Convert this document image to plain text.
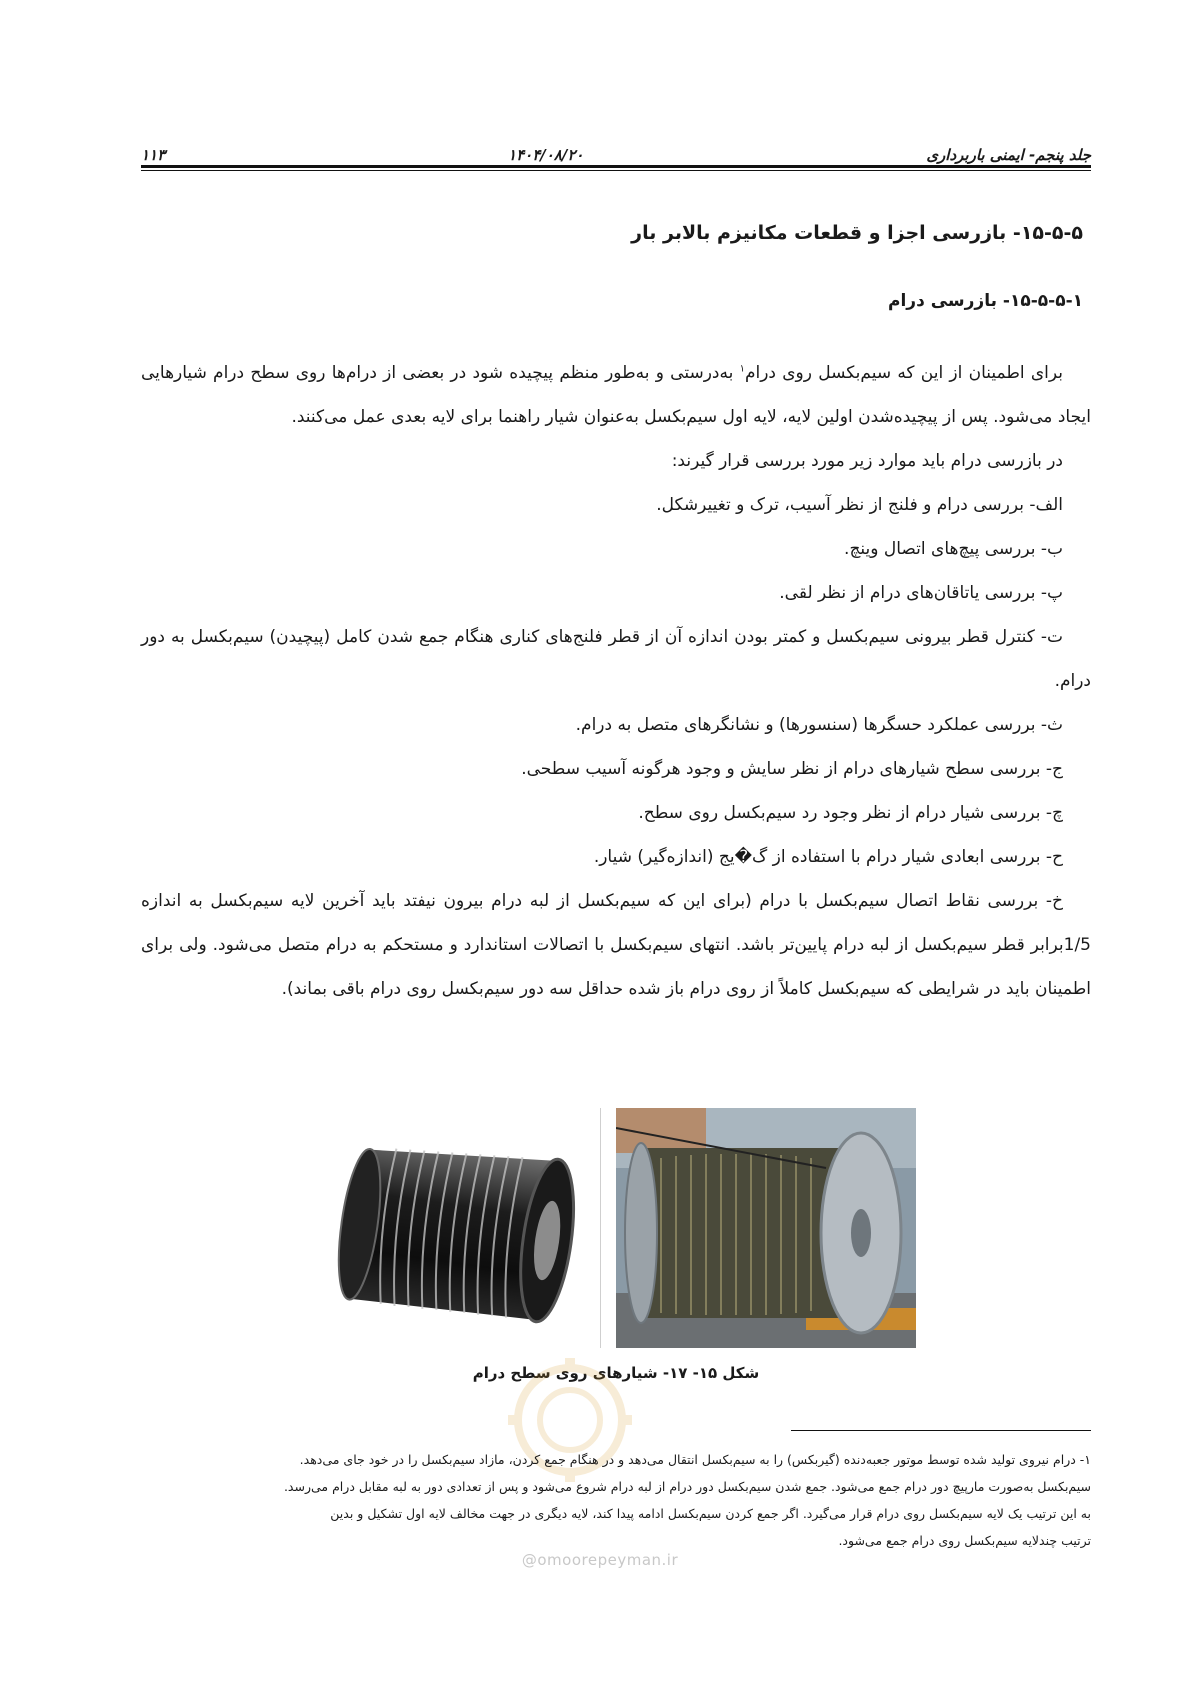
جلد پنجم- ایمنی باربرداری
۱۴۰۴/۰۸/۲۰
۱۱۳
۱۵-۵-۵- بازرسی اجزا و قطعات مکانیزم بالابر بار
۱۵-۵-۵-۱- بازرسی درام

برای اطمینان از این که سیم‌بکسل روی درام$^۱$ به‌درستی و به‌طور منظم پیچیده شود در بعضی از درام‌ها روی سطح درام شیارهایی ایجاد می‌شود. پس از پیچیده‌شدن اولین لایه، لایه اول سیم‌بکسل به‌عنوان شیار راهنما برای لایه بعدی عمل می‌کنند.

در بازرسی درام باید موارد زیر مورد بررسی قرار گیرند:

الف- بررسی درام و فلنج از نظر آسیب، ترک و تغییرشکل.

ب- بررسی پیچ‌های اتصال وینچ.

پ- بررسی یاتاقان‌های درام از نظر لقی.

ت- کنترل قطر بیرونی سیم‌بکسل و کمتر بودن اندازه آن از قطر فلنج‌های کناری هنگام جمع شدن کامل (پیچیدن) سیم‌بکسل به دور درام.

ث- بررسی عملکرد حسگرها (سنسورها) و نشانگرهای متصل به درام.

ج- بررسی سطح شیارهای درام از نظر سایش و وجود هرگونه آسیب سطحی.

چ- بررسی شیار درام از نظر وجود رد سیم‌بکسل روی سطح.

ح- بررسی ابعادی شیار درام با استفاده از گ�یج (اندازه‌گیر) شیار.

خ- بررسی نقاط اتصال سیم‌بکسل با درام (برای این که سیم‌بکسل از لبه درام بیرون نیفتد باید آخرین لایه سیم‌بکسل به اندازه 1/5برابر قطر سیم‌بکسل از لبه درام پایین‌تر باشد. انتهای سیم‌بکسل با اتصالات استاندارد و مستحکم به درام متصل می‌شود. ولی برای اطمینان باید در شرایطی که سیم‌بکسل کاملاً از روی درام باز شده حداقل سه دور سیم‌بکسل روی درام باقی بماند).

شکل ۱۵- ۱۷- شیارهای روی سطح درام

۱- درام نیروی تولید شده توسط موتور جعبه‌دنده (گیربکس) را به سیم‌بکسل انتقال می‌دهد و در هنگام جمع کردن، مازاد سیم‌بکسل را در خود جای می‌دهد.

سیم‌بکسل به‌صورت مارپیچ دور درام جمع می‌شود. جمع شدن سیم‌بکسل دور درام از لبه درام شروع می‌شود و پس از تعدادی دور به لبه مقابل درام می‌رسد.

به این ترتیب یک لایه سیم‌بکسل روی درام قرار می‌گیرد. اگر جمع کردن سیم‌بکسل ادامه پیدا کند، لایه دیگری در جهت مخالف لایه اول تشکیل و بدین

ترتیب چندلایه سیم‌بکسل روی درام جمع می‌شود.

@omoorepeyman.ir
